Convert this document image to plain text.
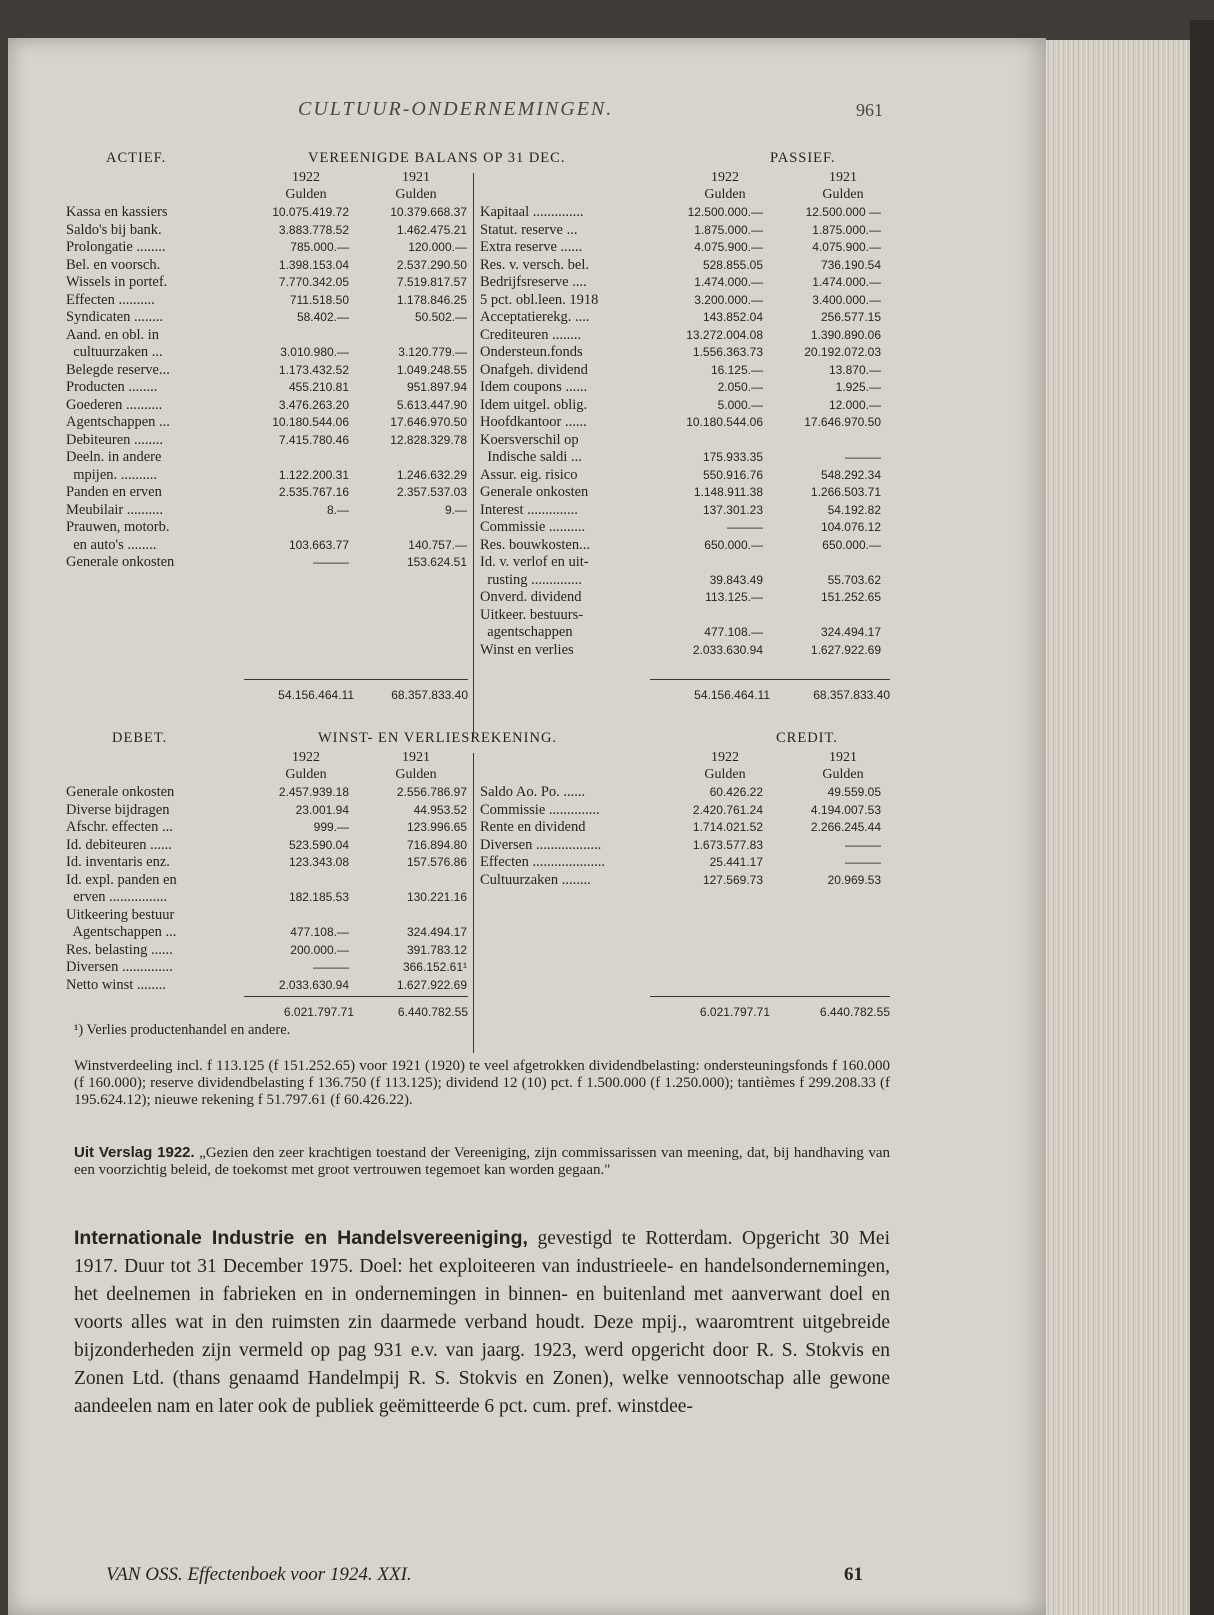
CULTUUR-ONDERNEMINGEN.	961
ACTIEF.	VEREENIGDE BALANS OP 31 DEC.	PASSIEF.
1922	1921
Gulden	Gulden
1922	1921
Gulden	Gulden
Kassa en kassiers	10.075.419.72	10.379.668.37
Saldo's bij bank.	3.883.778.52	1.462.475.21
Prolongatie ........	785.000.—	120.000.—
Bel. en voorsch.	1.398.153.04	2.537.290.50
Wissels in portef.	7.770.342.05	7.519.817.57
Effecten ..........	711.518.50	1.178.846.25
Syndicaten ........	58.402.—	50.502.—
Aand. en obl. in
cultuurzaken ...	3.010.980.—	3.120.779.—
Belegde reserve...	1.173.432.52	1.049.248.55
Producten ........	455.210.81	951.897.94
Goederen ..........	3.476.263.20	5.613.447.90
Agentschappen ...	10.180.544.06	17.646.970.50
Debiteuren ........	7.415.780.46	12.828.329.78
Deeln. in andere
mpijen. ..........	1.122.200.31	1.246.632.29
Panden en erven	2.535.767.16	2.357.537.03
Meubilair ..........	8.—	9.—
Prauwen, motorb.
en auto's ........	103.663.77	140.757.—
Generale onkosten	———	153.624.51
Kapitaal ..............	12.500.000.—	12.500.000 —
Statut. reserve ...	1.875.000.—	1.875.000.—
Extra reserve ......	4.075.900.—	4.075.900.—
Res. v. versch. bel.	528.855.05	736.190.54
Bedrijfsreserve ....	1.474.000.—	1.474.000.—
5 pct. obl.leen. 1918	3.200.000.—	3.400.000.—
Acceptatierekg. ....	143.852.04	256.577.15
Crediteuren ........	13.272.004.08	1.390.890.06
Ondersteun.fonds	1.556.363.73	20.192.072.03
Onafgeh. dividend	16.125.—	13.870.—
Idem coupons ......	2.050.—	1.925.—
Idem uitgel. oblig.	5.000.—	12.000.—
Hoofdkantoor ......	10.180.544.06	17.646.970.50
Koersverschil op
Indische saldi ...	175.933.35	———
Assur. eig. risico	550.916.76	548.292.34
Generale onkosten	1.148.911.38	1.266.503.71
Interest ..............	137.301.23	54.192.82
Commissie ..........	———	104.076.12
Res. bouwkosten...	650.000.—	650.000.—
Id. v. verlof en uit-
rusting ..............	39.843.49	55.703.62
Onverd. dividend	113.125.—	151.252.65
Uitkeer. bestuurs-
agentschappen	477.108.—	324.494.17
Winst en verlies	2.033.630.94	1.627.922.69
54.156.464.11	68.357.833.40	54.156.464.11	68.357.833.40
DEBET.	WINST- EN VERLIESREKENING.	CREDIT.
1922	1921
Gulden	Gulden
1922	1921
Gulden	Gulden
Generale onkosten	2.457.939.18	2.556.786.97
Diverse bijdragen	23.001.94	44.953.52
Afschr. effecten ...	999.—	123.996.65
Id. debiteuren ......	523.590.04	716.894.80
Id. inventaris enz.	123.343.08	157.576.86
Id. expl. panden en
erven ................	182.185.53	130.221.16
Uitkeering bestuur
Agentschappen ...	477.108.—	324.494.17
Res. belasting ......	200.000.—	391.783.12
Diversen ..............	———	366.152.61¹
Netto winst ........	2.033.630.94	1.627.922.69
Saldo Ao. Po. ......	60.426.22	49.559.05
Commissie ..............	2.420.761.24	4.194.007.53
Rente en dividend	1.714.021.52	2.266.245.44
Diversen ..................	1.673.577.83	———
Effecten ....................	25.441.17	———
Cultuurzaken ........	127.569.73	20.969.53
6.021.797.71	6.440.782.55	6.021.797.71	6.440.782.55
¹) Verlies productenhandel en andere.
Winstverdeeling incl. f 113.125 (f 151.252.65) voor 1921 (1920) te veel afgetrokken dividendbelasting: ondersteuningsfonds f 160.000 (f 160.000); reserve dividendbelasting f 136.750 (f 113.125); dividend 12 (10) pct. f 1.500.000 (f 1.250.000); tantièmes f 299.208.33 (f 195.624.12); nieuwe rekening f 51.797.61 (f 60.426.22).
Uit Verslag 1922. „Gezien den zeer krachtigen toestand der Vereeniging, zijn commissarissen van meening, dat, bij handhaving van een voorzichtig beleid, de toekomst met groot vertrouwen tegemoet kan worden gegaan."
Internationale Industrie en Handelsvereeniging, gevestigd te Rotterdam. Opgericht 30 Mei 1917. Duur tot 31 December 1975. Doel: het exploiteeren van industrieele- en handelsondernemingen, het deelnemen in fabrieken en in ondernemingen in binnen- en buitenland met aanverwant doel en voorts alles wat in den ruimsten zin daarmede verband houdt. Deze mpij., waaromtrent uitgebreide bijzonderheden zijn vermeld op pag 931 e.v. van jaarg. 1923, werd opgericht door R. S. Stokvis en Zonen Ltd. (thans genaamd Handelmpij R. S. Stokvis en Zonen), welke vennootschap alle gewone aandeelen nam en later ook de publiek geëmitteerde 6 pct. cum. pref. winstdee-
VAN OSS. Effectenboek voor 1924. XXI.	61
